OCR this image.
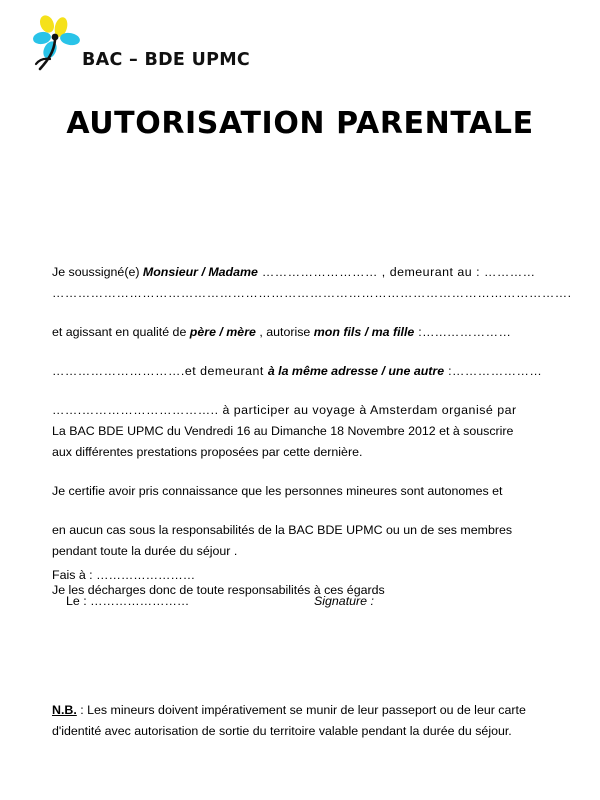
BAC – BDE UPMC
AUTORISATION PARENTALE
Je soussigné(e) Monsieur / Madame ……………………… , demeurant au : …………
………………………………………………………………………………………………………….
et agissant en qualité de père / mère , autorise mon fils / ma fille :…...……………
………………………….et demeurant à la même adresse / une autre :…………………
…….………………………….. à participer au voyage à Amsterdam organisé par
La BAC BDE UPMC du Vendredi 16 au Dimanche 18 Novembre 2012 et à souscrire
aux différentes prestations proposées par cette dernière.
Je certifie avoir pris connaissance que les personnes mineures sont autonomes et
en aucun cas sous la responsabilités de la BAC BDE UPMC ou un de ses membres
pendant toute la durée du séjour .
Je les décharges donc de toute responsabilités à ces égards
Fais à : ……………………
Le : ……………………	Signature :
N.B. : Les mineurs doivent impérativement se munir de leur passeport ou de leur carte d'identité avec autorisation de sortie du territoire valable pendant la durée du séjour.
